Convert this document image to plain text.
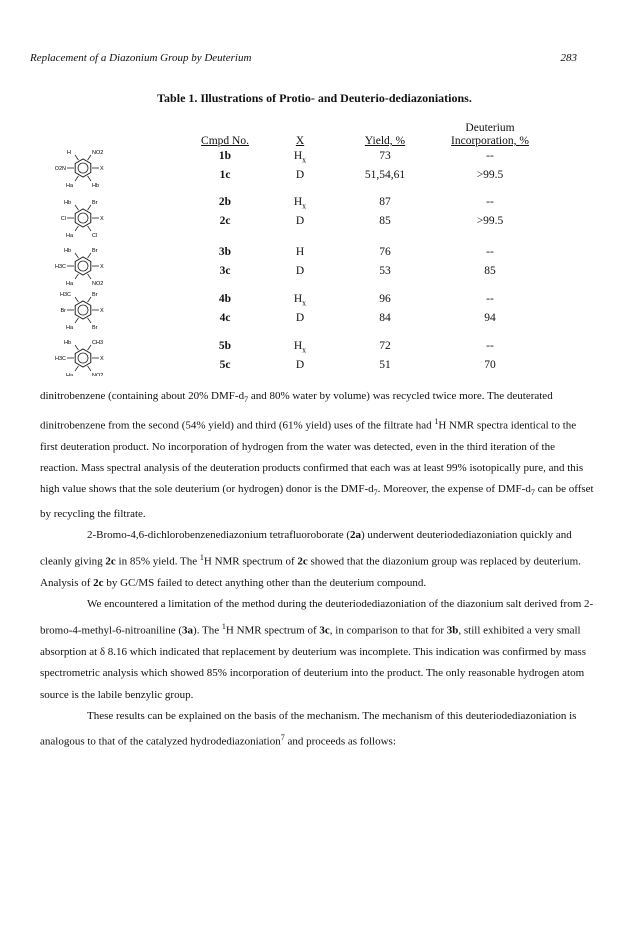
Replacement of a Diazonium Group by Deuterium	283
Table 1. Illustrations of Protio- and Deuterio-dediazoniations.
Deuterium
Cmpd No.	X	Yield, %	Incorporation, %
H	NO2
O2N	X
Ha	Hb
Hb	Br
Cl	X
Ha	Cl
Hb	Br
H3C	X
Ha	NO2
H3C	Br
Br	X
Ha	Br
Hb	CH3
H3C	X
Ha	NO2
1b	$H_x$	73	--
1c	D	51,54,61	>99.5
2b	$H_x$	87	--
2c	D	85	>99.5
3b	H	76	--
3c	D	53	85
4b	$H_x$	96	--
4c	D	84	94
5b	$H_x$	72	--
5c	D	51	70

dinitrobenzene (containing about 20% DMF-$d_7$ and 80% water by volume) was recycled twice more. The deuterated dinitrobenzene from the second (54% yield) and third (61% yield) uses of the filtrate had $^1$H NMR spectra identical to the first deuteration product. No incorporation of hydrogen from the water was detected, even in the third iteration of the reaction. Mass spectral analysis of the deuteration products confirmed that each was at least 99% isotopically pure, and this high value shows that the sole deuterium (or hydrogen) donor is the DMF-$d_7$. Moreover, the expense of DMF-$d_7$ can be offset by recycling the filtrate.

2-Bromo-4,6-dichlorobenzenediazonium tetrafluoroborate (2a) underwent deuteriodediazoniation quickly and cleanly giving 2c in 85% yield. The $^1$H NMR spectrum of 2c showed that the diazonium group was replaced by deuterium. Analysis of 2c by GC/MS failed to detect anything other than the deuterium compound.

We encountered a limitation of the method during the deuteriodediazoniation of the diazonium salt derived from 2-bromo-4-methyl-6-nitroaniline (3a). The $^1$H NMR spectrum of 3c, in comparison to that for 3b, still exhibited a very small absorption at δ 8.16 which indicated that replacement by deuterium was incomplete. This indication was confirmed by mass spectrometric analysis which showed 85% incorporation of deuterium into the product. The only reasonable hydrogen atom source is the labile benzylic group.

These results can be explained on the basis of the mechanism. The mechanism of this deuteriodediazoniation is analogous to that of the catalyzed hydrodediazoniation$^7$ and proceeds as follows:
